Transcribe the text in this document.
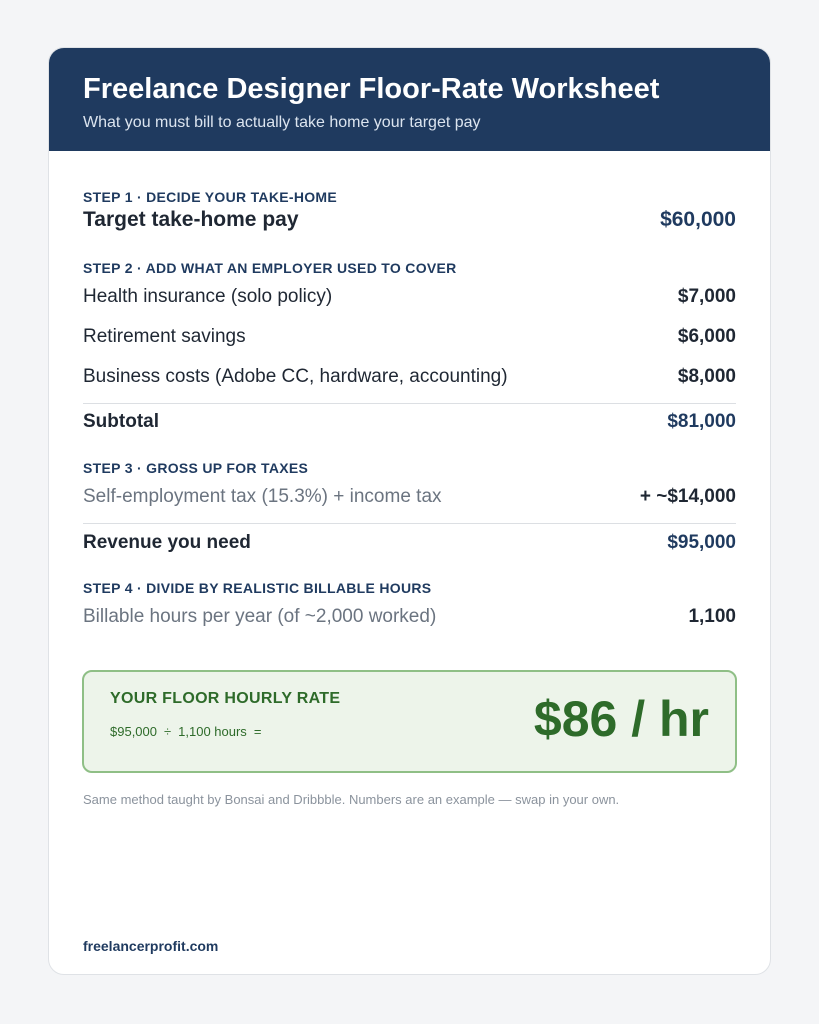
Freelance Designer Floor-Rate Worksheet
What you must bill to actually take home your target pay
STEP 1 · DECIDE YOUR TAKE-HOME
Target take-home pay	$60,000
STEP 2 · ADD WHAT AN EMPLOYER USED TO COVER
Health insurance (solo policy)	$7,000
Retirement savings	$6,000
Business costs (Adobe CC, hardware, accounting)	$8,000
Subtotal	$81,000
STEP 3 · GROSS UP FOR TAXES
Self-employment tax (15.3%) + income tax	+ ~$14,000
Revenue you need	$95,000
STEP 4 · DIVIDE BY REALISTIC BILLABLE HOURS
Billable hours per year (of ~2,000 worked)	1,100
YOUR FLOOR HOURLY RATE
$95,000 ÷ 1,100 hours =	$86 / hr
Same method taught by Bonsai and Dribbble. Numbers are an example — swap in your own.
freelancerprofit.com
